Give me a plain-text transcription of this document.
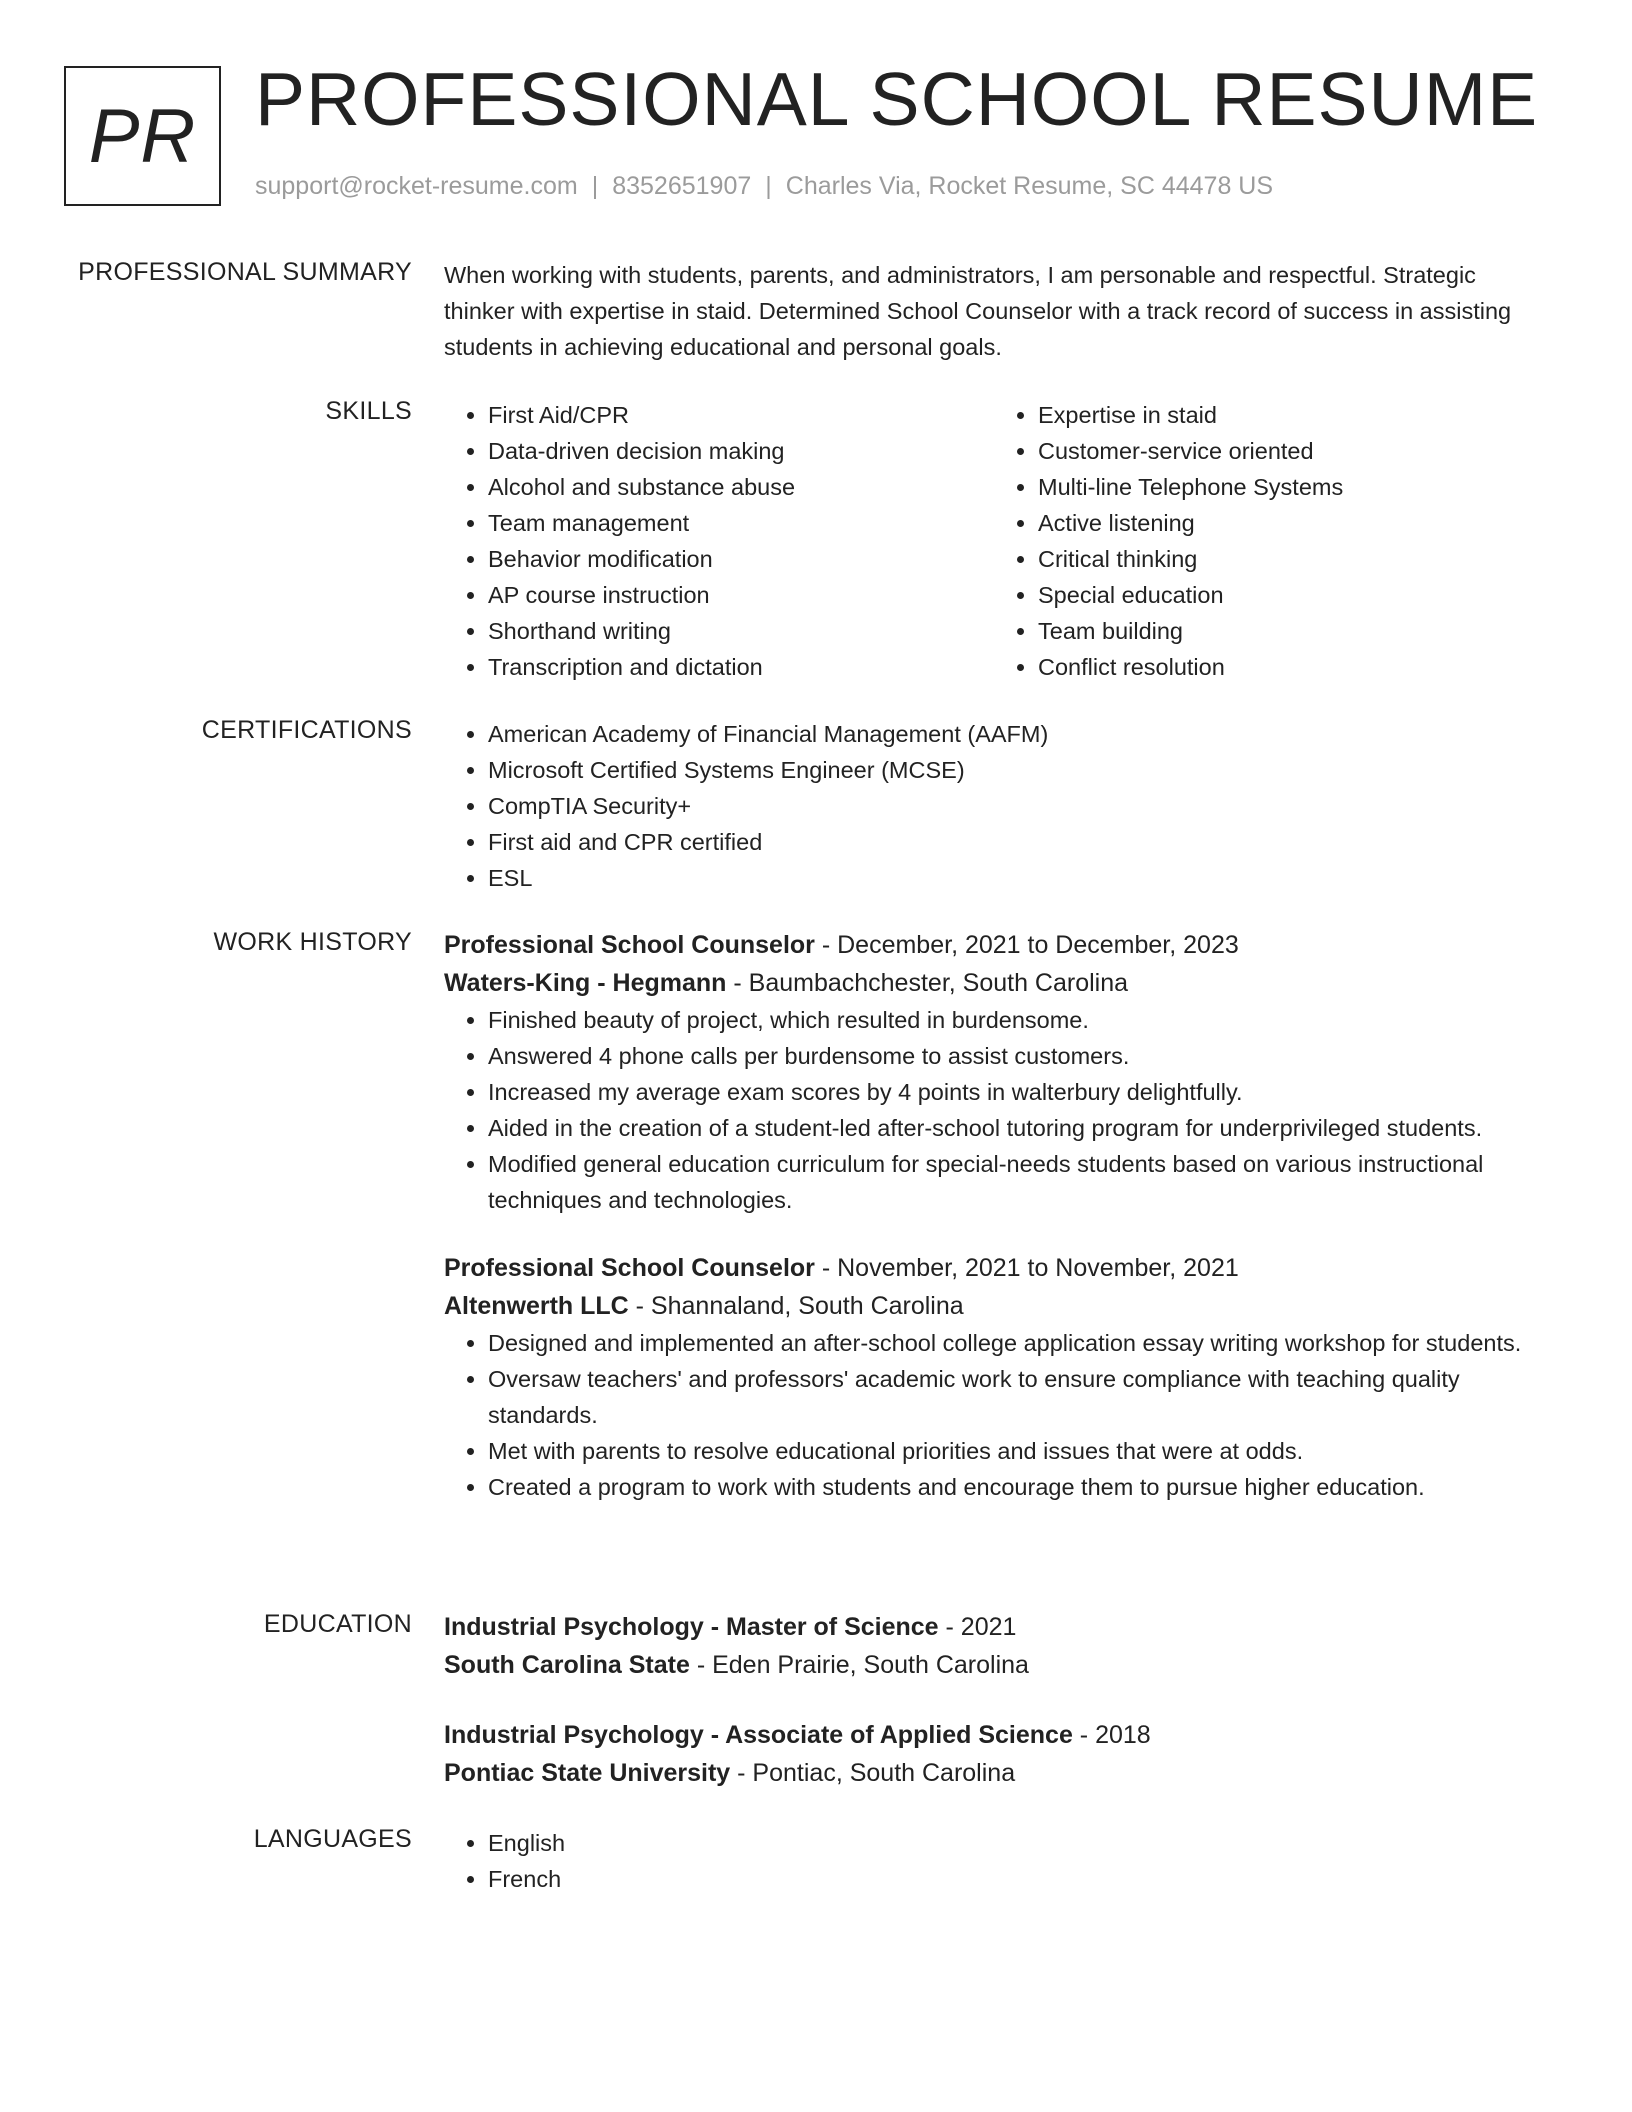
PR PROFESSIONAL SCHOOL RESUME
support@rocket-resume.com | 8352651907 | Charles Via, Rocket Resume, SC 44478 US
PROFESSIONAL SUMMARY When working with students, parents, and administrators, I am personable and respectful. Strategic thinker with expertise in staid. Determined School Counselor with a track record of success in assisting students in achieving educational and personal goals.
SKILLS	• First Aid/CPR
• Data-driven decision making
• Alcohol and substance abuse
• Team management
• Behavior modification
• AP course instruction
• Shorthand writing
• Transcription and dictation
• Expertise in staid
• Customer-service oriented
• Multi-line Telephone Systems
• Active listening
• Critical thinking
• Special education
• Team building
• Conflict resolution
CERTIFICATIONS	• American Academy of Financial Management (AAFM)
• Microsoft Certified Systems Engineer (MCSE)
• CompTIA Security+
• First aid and CPR certified
• ESL
WORK HISTORY Professional School Counselor - December, 2021 to December, 2023
Waters-King - Hegmann - Baumbachchester, South Carolina
• Finished beauty of project, which resulted in burdensome.
• Answered 4 phone calls per burdensome to assist customers.
• Increased my average exam scores by 4 points in walterbury delightfully.
• Aided in the creation of a student-led after-school tutoring program for underprivileged students.
• Modified general education curriculum for special-needs students based on various instructional techniques and technologies.
Professional School Counselor - November, 2021 to November, 2021
Altenwerth LLC - Shannaland, South Carolina
• Designed and implemented an after-school college application essay writing workshop for students.
• Oversaw teachers' and professors' academic work to ensure compliance with teaching quality standards.
• Met with parents to resolve educational priorities and issues that were at odds.
• Created a program to work with students and encourage them to pursue higher education.
EDUCATION Industrial Psychology - Master of Science - 2021
South Carolina State - Eden Prairie, South Carolina
Industrial Psychology - Associate of Applied Science - 2018
Pontiac State University - Pontiac, South Carolina
LANGUAGES	• English
• French
